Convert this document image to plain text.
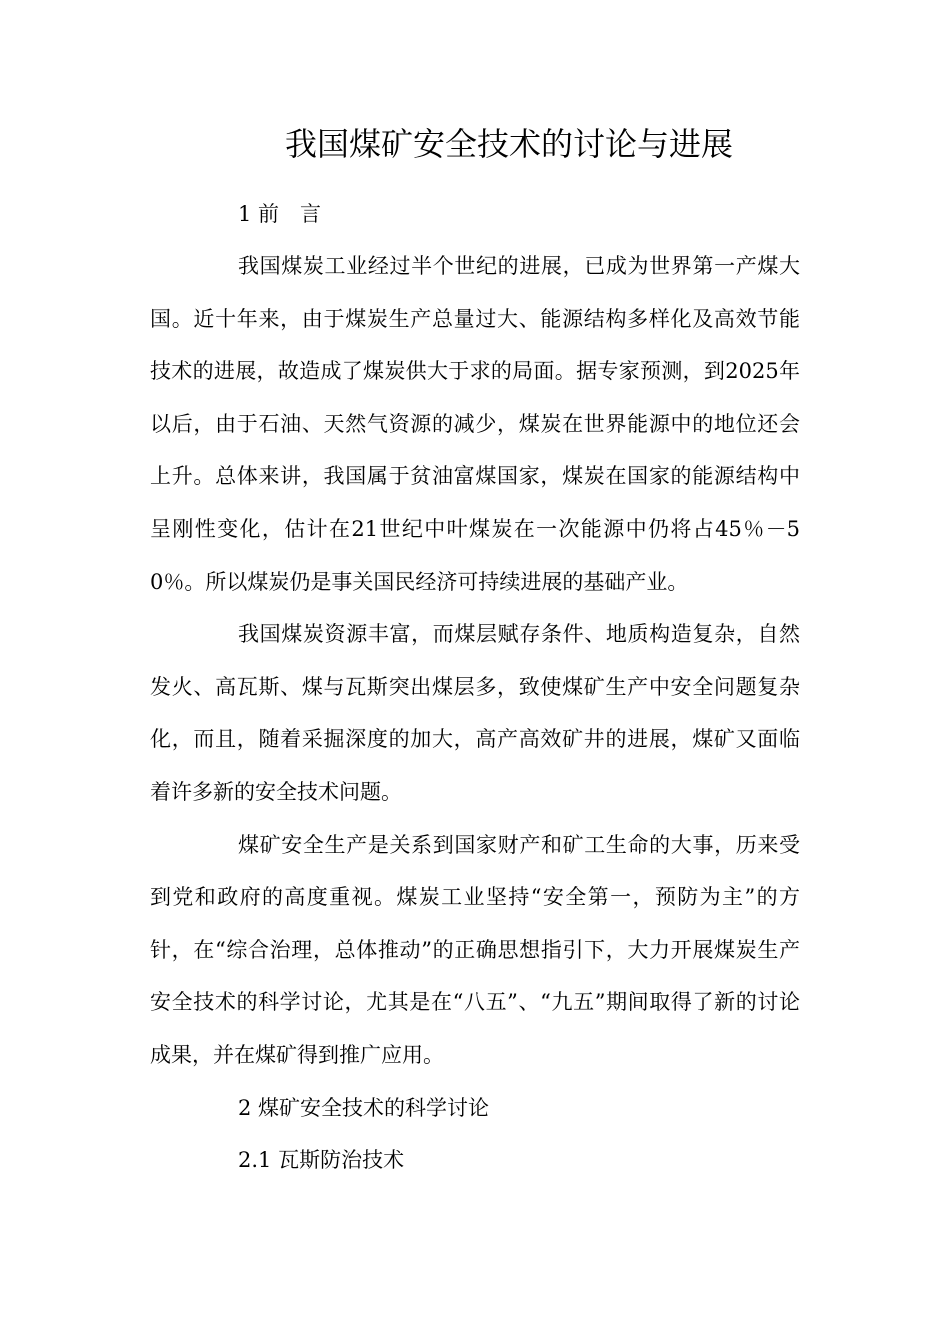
我国煤矿安全技术的讨论与进展

1 前　言

我国煤炭工业经过半个世纪的进展，已成为世界第一产煤大国。近十年来，由于煤炭生产总量过大、能源结构多样化及高效节能技术的进展，故造成了煤炭供大于求的局面。据专家预测，到2025年以后，由于石油、天然气资源的减少，煤炭在世界能源中的地位还会上升。总体来讲，我国属于贫油富煤国家，煤炭在国家的能源结构中呈刚性变化，估计在21世纪中叶煤炭在一次能源中仍将占45％－50％。所以煤炭仍是事关国民经济可持续进展的基础产业。

我国煤炭资源丰富，而煤层赋存条件、地质构造复杂，自然发火、高瓦斯、煤与瓦斯突出煤层多，致使煤矿生产中安全问题复杂化，而且，随着采掘深度的加大，高产高效矿井的进展，煤矿又面临着许多新的安全技术问题。

煤矿安全生产是关系到国家财产和矿工生命的大事，历来受到党和政府的高度重视。煤炭工业坚持“安全第一，预防为主”的方针，在“综合治理，总体推动”的正确思想指引下，大力开展煤炭生产安全技术的科学讨论，尤其是在“八五”、“九五”期间取得了新的讨论成果，并在煤矿得到推广应用。

2 煤矿安全技术的科学讨论

2.1 瓦斯防治技术
